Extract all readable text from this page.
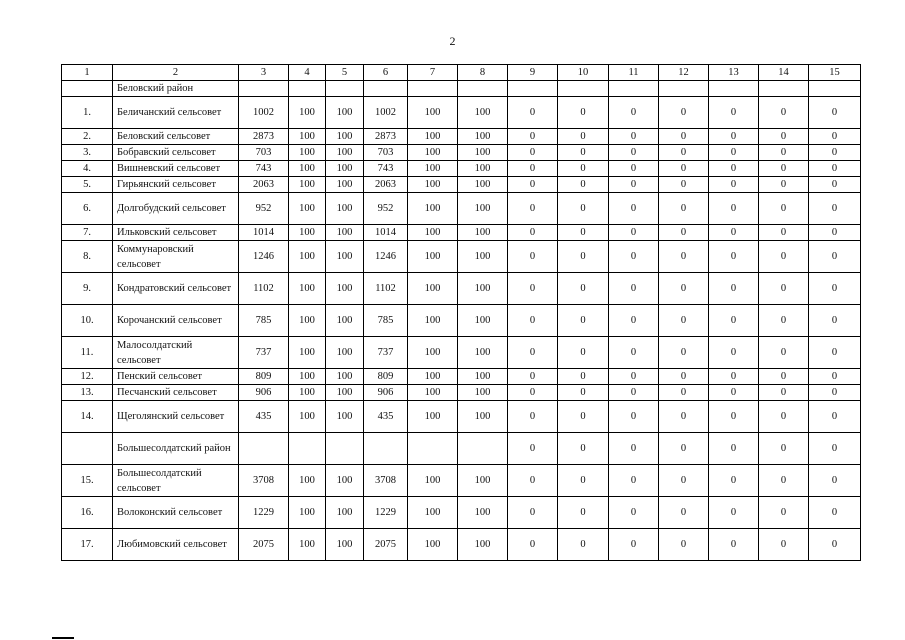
2
1	2	3	4	5	6	7	8	9	10	11	12	13	14	15
	Беловский район													
1.	Беличанский сельсовет	1002	100	100	1002	100	100	0	0	0	0	0	0	0
2.	Беловский сельсовет	2873	100	100	2873	100	100	0	0	0	0	0	0	0
3.	Бобравский сельсовет	703	100	100	703	100	100	0	0	0	0	0	0	0
4.	Вишневский сельсовет	743	100	100	743	100	100	0	0	0	0	0	0	0
5.	Гирьянский сельсовет	2063	100	100	2063	100	100	0	0	0	0	0	0	0
6.	Долгобудский сельсовет	952	100	100	952	100	100	0	0	0	0	0	0	0
7.	Ильковский сельсовет	1014	100	100	1014	100	100	0	0	0	0	0	0	0
8.	Коммунаровский сельсовет	1246	100	100	1246	100	100	0	0	0	0	0	0	0
9.	Кондратовский сельсовет	1102	100	100	1102	100	100	0	0	0	0	0	0	0
10.	Корочанский сельсовет	785	100	100	785	100	100	0	0	0	0	0	0	0
11.	Малосолдатский сельсовет	737	100	100	737	100	100	0	0	0	0	0	0	0
12.	Пенский сельсовет	809	100	100	809	100	100	0	0	0	0	0	0	0
13.	Песчанский сельсовет	906	100	100	906	100	100	0	0	0	0	0	0	0
14.	Щеголянский сельсовет	435	100	100	435	100	100	0	0	0	0	0	0	0
	Большесолдатский район							0	0	0	0	0	0	0
15.	Большесолдатский сельсовет	3708	100	100	3708	100	100	0	0	0	0	0	0	0
16.	Волоконский сельсовет	1229	100	100	1229	100	100	0	0	0	0	0	0	0
17.	Любимовский сельсовет	2075	100	100	2075	100	100	0	0	0	0	0	0	0
